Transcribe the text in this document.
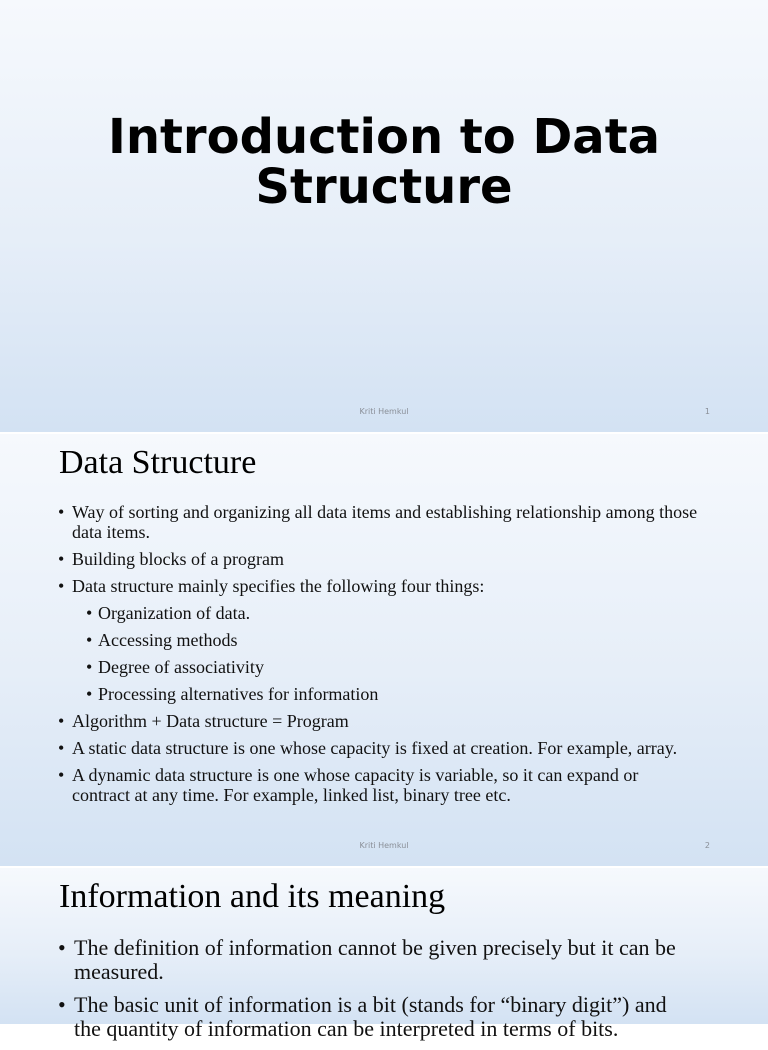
Introduction to Data Structure
Kriti Hemkul	1
Data Structure
• Way of sorting and organizing all data items and establishing relationship among those data items.
• Building blocks of a program
• Data structure mainly specifies the following four things:
• Organization of data.
• Accessing methods
• Degree of associativity
• Processing alternatives for information
• Algorithm + Data structure = Program
• A static data structure is one whose capacity is fixed at creation. For example, array.
• A dynamic data structure is one whose capacity is variable, so it can expand or contract at any time. For example, linked list, binary tree etc.
Kriti Hemkul	2
Information and its meaning
• The definition of information cannot be given precisely but it can be measured.
• The basic unit of information is a bit (stands for “binary digit”) and the quantity of information can be interpreted in terms of bits.
